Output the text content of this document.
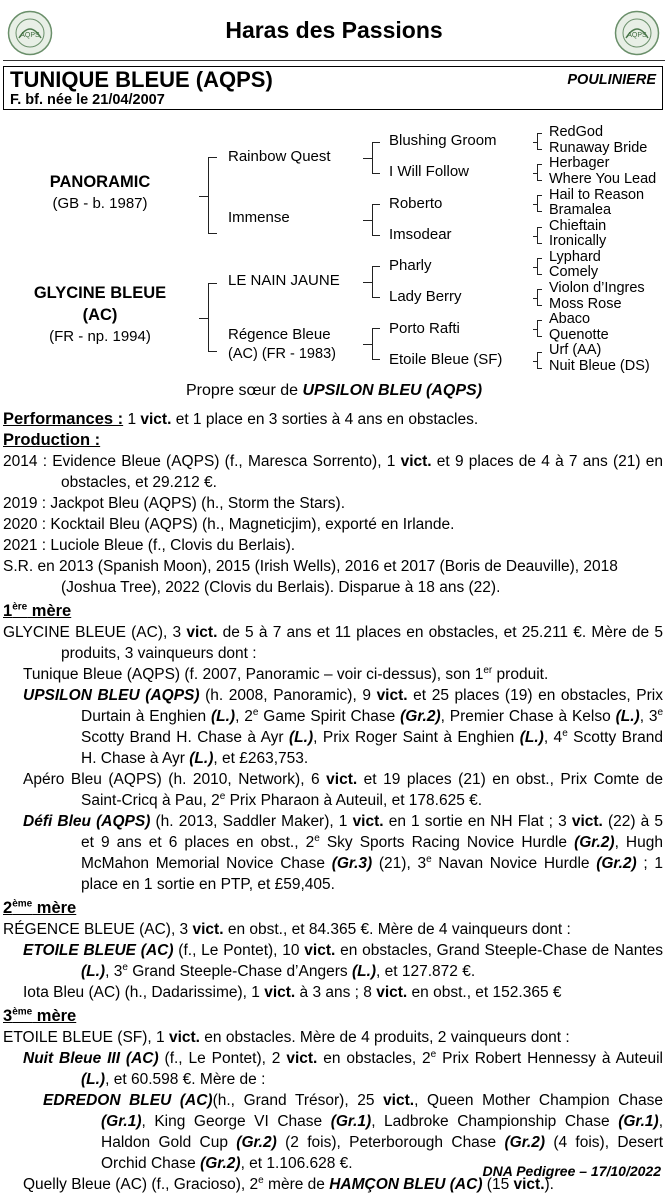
AQPS	AQPS
Haras des Passions
TUNIQUE BLEUE (AQPS)	POULINIERE
F. bf. née le 21/04/2007
PANORAMIC
(GB - b. 1987)
GLYCINE BLEUE
(AC)
(FR - np. 1994)
Rainbow Quest
Immense
LE NAIN JAUNE
Régence Bleue
(AC) (FR - 1983)
Blushing Groom
I Will Follow
Roberto
Imsodear
Pharly
Lady Berry
Porto Rafti
Etoile Bleue (SF)
RedGod
Runaway Bride
Herbager
Where You Lead
Hail to Reason
Bramalea
Chieftain
Ironically
Lyphard
Comely
Violon d’Ingres
Moss Rose
Abaco
Quenotte
Urf (AA)
Nuit Bleue (DS)
Propre sœur de UPSILON BLEU (AQPS)

Performances : 1 vict. et 1 place en 3 sorties à 4 ans en obstacles.

Production :

2014 : Evidence Bleue (AQPS) (f., Maresca Sorrento), 1 vict. et 9 places de 4 à 7 ans (21) en obstacles, et 29.212 €.

2019 : Jackpot Bleu (AQPS) (h., Storm the Stars).

2020 : Kocktail Bleu (AQPS) (h., Magneticjim), exporté en Irlande.

2021 : Luciole Bleue (f., Clovis du Berlais).

S.R. en 2013 (Spanish Moon), 2015 (Irish Wells), 2016 et 2017 (Boris de Deauville), 2018 (Joshua Tree), 2022 (Clovis du Berlais). Disparue à 18 ans (22).

1ère mère

GLYCINE BLEUE (AC), 3 vict. de 5 à 7 ans et 11 places en obstacles, et 25.211 €. Mère de 5 produits, 3 vainqueurs dont :

Tunique Bleue (AQPS) (f. 2007, Panoramic – voir ci-dessus), son 1er produit.

UPSILON BLEU (AQPS) (h. 2008, Panoramic), 9 vict. et 25 places (19) en obstacles, Prix Durtain à Enghien (L.), 2e Game Spirit Chase (Gr.2), Premier Chase à Kelso (L.), 3e Scotty Brand H. Chase à Ayr (L.), Prix Roger Saint à Enghien (L.), 4e Scotty Brand H. Chase à Ayr (L.), et £263,753.

Apéro Bleu (AQPS) (h. 2010, Network), 6 vict. et 19 places (21) en obst., Prix Comte de Saint-Cricq à Pau, 2e Prix Pharaon à Auteuil, et 178.625 €.

Défi Bleu (AQPS) (h. 2013, Saddler Maker), 1 vict. en 1 sortie en NH Flat ; 3 vict. (22) à 5 et 9 ans et 6 places en obst., 2e Sky Sports Racing Novice Hurdle (Gr.2), Hugh McMahon Memorial Novice Chase (Gr.3) (21), 3e Navan Novice Hurdle (Gr.2) ; 1 place en 1 sortie en PTP, et £59,405.

2ème mère

RÉGENCE BLEUE (AC), 3 vict. en obst., et 84.365 €. Mère de 4 vainqueurs dont :

ETOILE BLEUE (AC) (f., Le Pontet), 10 vict. en obstacles, Grand Steeple-Chase de Nantes (L.), 3e Grand Steeple-Chase d’Angers (L.), et 127.872 €.

Iota Bleu (AC) (h., Dadarissime), 1 vict. à 3 ans ; 8 vict. en obst., et 152.365 €

3ème mère

ETOILE BLEUE (SF), 1 vict. en obstacles. Mère de 4 produits, 2 vainqueurs dont :

Nuit Bleue III (AC) (f., Le Pontet), 2 vict. en obstacles, 2e Prix Robert Hennessy à Auteuil (L.), et 60.598 €. Mère de :

EDREDON BLEU (AC)(h., Grand Trésor), 25 vict., Queen Mother Champion Chase (Gr.1), King George VI Chase (Gr.1), Ladbroke Championship Chase (Gr.1), Haldon Gold Cup (Gr.2) (2 fois), Peterborough Chase (Gr.2) (4 fois), Desert Orchid Chase (Gr.2), et 1.106.628 €.

Quelly Bleue (AC) (f., Gracioso), 2e mère de HAMÇON BLEU (AC) (15 vict.).

DNA Pedigree – 17/10/2022
